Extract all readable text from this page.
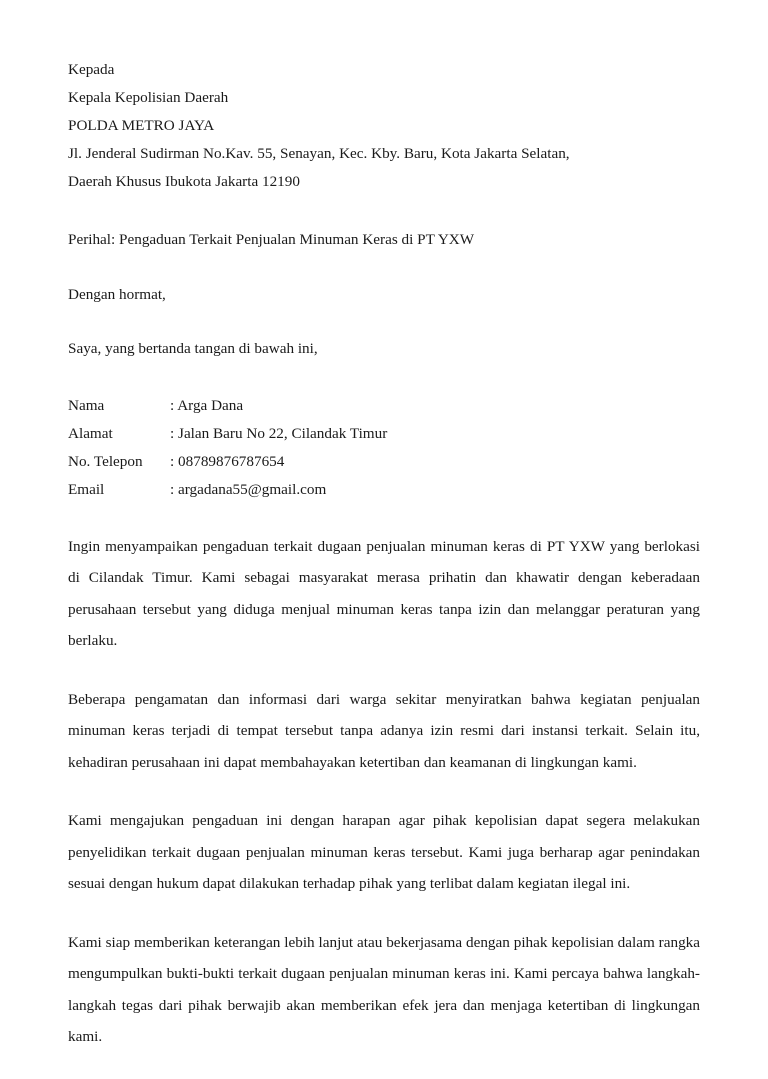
Kepada
Kepala Kepolisian Daerah
POLDA METRO JAYA
Jl. Jenderal Sudirman No.Kav. 55, Senayan, Kec. Kby. Baru, Kota Jakarta Selatan,
Daerah Khusus Ibukota Jakarta 12190
Perihal: Pengaduan Terkait Penjualan Minuman Keras di PT YXW
Dengan hormat,
Saya, yang bertanda tangan di bawah ini,
Nama	: Arga Dana
Alamat	: Jalan Baru No 22, Cilandak Timur
No. Telepon	: 08789876787654
Email	: argadana55@gmail.com

Ingin menyampaikan pengaduan terkait dugaan penjualan minuman keras di PT YXW yang berlokasi di Cilandak Timur. Kami sebagai masyarakat merasa prihatin dan khawatir dengan keberadaan perusahaan tersebut yang diduga menjual minuman keras tanpa izin dan melanggar peraturan yang berlaku.

Beberapa pengamatan dan informasi dari warga sekitar menyiratkan bahwa kegiatan penjualan minuman keras terjadi di tempat tersebut tanpa adanya izin resmi dari instansi terkait. Selain itu, kehadiran perusahaan ini dapat membahayakan ketertiban dan keamanan di lingkungan kami.

Kami mengajukan pengaduan ini dengan harapan agar pihak kepolisian dapat segera melakukan penyelidikan terkait dugaan penjualan minuman keras tersebut. Kami juga berharap agar penindakan sesuai dengan hukum dapat dilakukan terhadap pihak yang terlibat dalam kegiatan ilegal ini.

Kami siap memberikan keterangan lebih lanjut atau bekerjasama dengan pihak kepolisian dalam rangka mengumpulkan bukti-bukti terkait dugaan penjualan minuman keras ini. Kami percaya bahwa langkah-langkah tegas dari pihak berwajib akan memberikan efek jera dan menjaga ketertiban di lingkungan kami.
